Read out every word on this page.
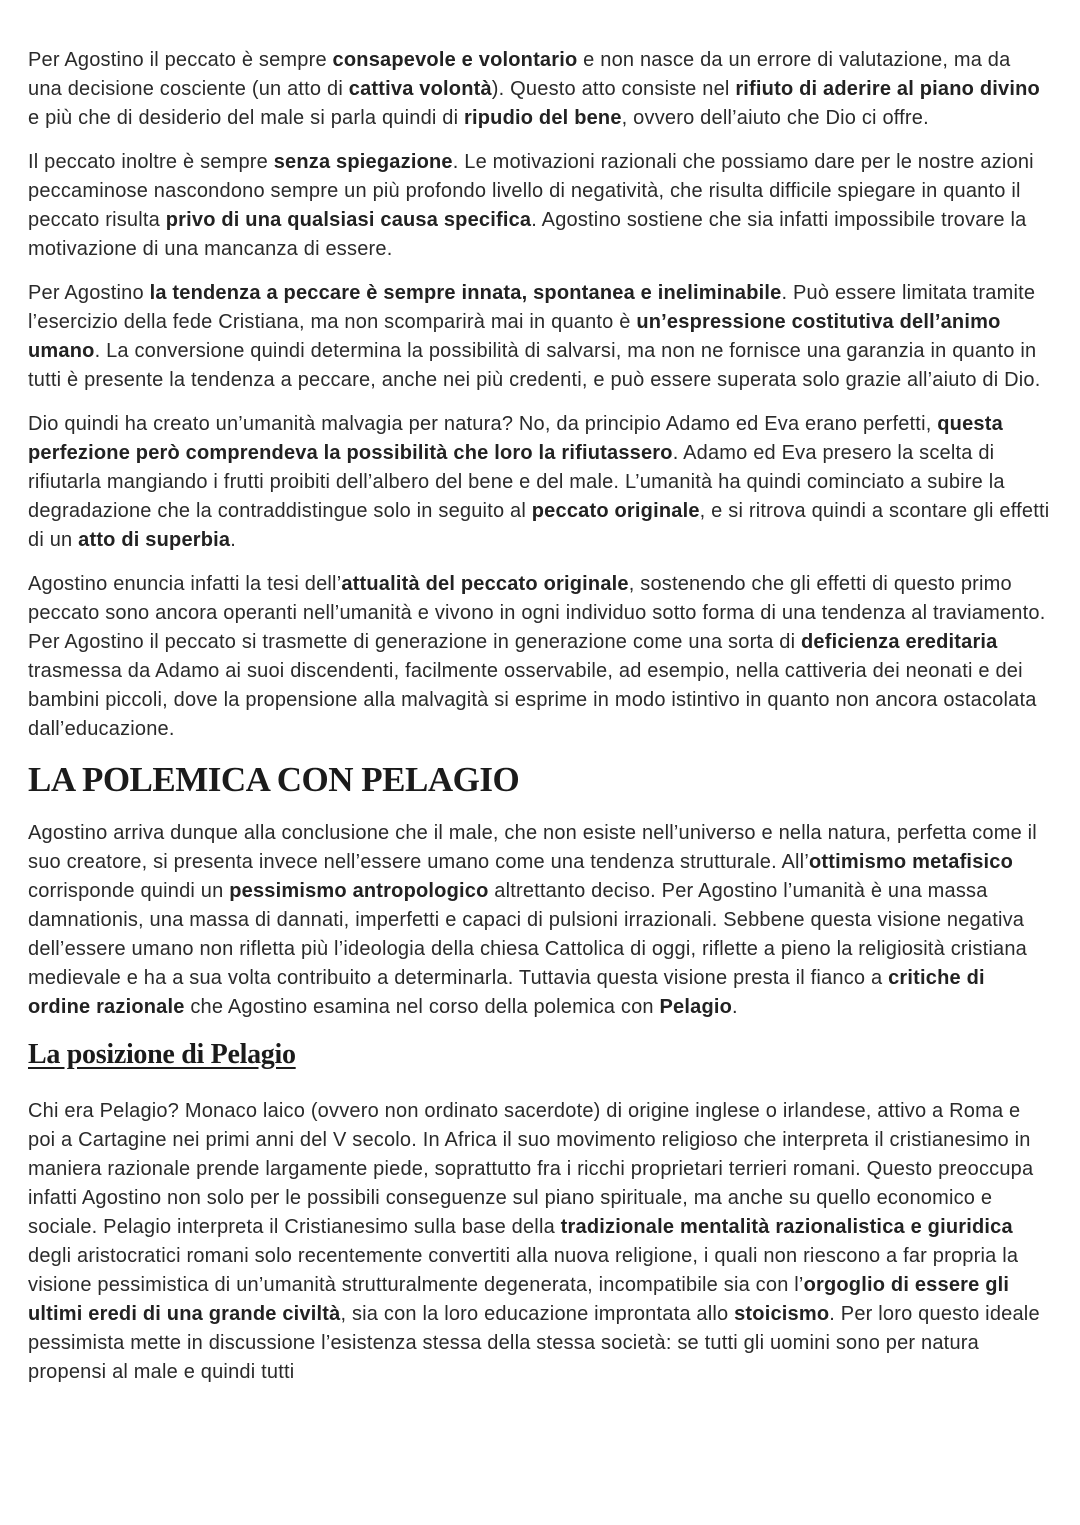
Per Agostino il peccato è sempre consapevole e volontario e non nasce da un errore di valutazione, ma da una decisione cosciente (un atto di cattiva volontà). Questo atto consiste nel rifiuto di aderire al piano divino e più che di desiderio del male si parla quindi di ripudio del bene, ovvero dell’aiuto che Dio ci offre.

Il peccato inoltre è sempre senza spiegazione. Le motivazioni razionali che possiamo dare per le nostre azioni peccaminose nascondono sempre un più profondo livello di negatività, che risulta difficile spiegare in quanto il peccato risulta privo di una qualsiasi causa specifica. Agostino sostiene che sia infatti impossibile trovare la motivazione di una mancanza di essere.

Per Agostino la tendenza a peccare è sempre innata, spontanea e ineliminabile. Può essere limitata tramite l’esercizio della fede Cristiana, ma non scomparirà mai in quanto è un’espressione costitutiva dell’animo umano. La conversione quindi determina la possibilità di salvarsi, ma non ne fornisce una garanzia in quanto in tutti è presente la tendenza a peccare, anche nei più credenti, e può essere superata solo grazie all’aiuto di Dio.

Dio quindi ha creato un’umanità malvagia per natura? No, da principio Adamo ed Eva erano perfetti, questa perfezione però comprendeva la possibilità che loro la rifiutassero. Adamo ed Eva presero la scelta di rifiutarla mangiando i frutti proibiti dell’albero del bene e del male. L’umanità ha quindi cominciato a subire la degradazione che la contraddistingue solo in seguito al peccato originale, e si ritrova quindi a scontare gli effetti di un atto di superbia.

Agostino enuncia infatti la tesi dell’attualità del peccato originale, sostenendo che gli effetti di questo primo peccato sono ancora operanti nell’umanità e vivono in ogni individuo sotto forma di una tendenza al traviamento. Per Agostino il peccato si trasmette di generazione in generazione come una sorta di deficienza ereditaria trasmessa da Adamo ai suoi discendenti, facilmente osservabile, ad esempio, nella cattiveria dei neonati e dei bambini piccoli, dove la propensione alla malvagità si esprime in modo istintivo in quanto non ancora ostacolata dall’educazione.

LA POLEMICA CON PELAGIO

Agostino arriva dunque alla conclusione che il male, che non esiste nell’universo e nella natura, perfetta come il suo creatore, si presenta invece nell’essere umano come una tendenza strutturale. All’ottimismo metafisico corrisponde quindi un pessimismo antropologico altrettanto deciso. Per Agostino l’umanità è una massa damnationis, una massa di dannati, imperfetti e capaci di pulsioni irrazionali. Sebbene questa visione negativa dell’essere umano non rifletta più l’ideologia della chiesa Cattolica di oggi, riflette a pieno la religiosità cristiana medievale e ha a sua volta contribuito a determinarla. Tuttavia questa visione presta il fianco a critiche di ordine razionale che Agostino esamina nel corso della polemica con Pelagio.

La posizione di Pelagio

Chi era Pelagio? Monaco laico (ovvero non ordinato sacerdote) di origine inglese o irlandese, attivo a Roma e poi a Cartagine nei primi anni del V secolo. In Africa il suo movimento religioso che interpreta il cristianesimo in maniera razionale prende largamente piede, soprattutto fra i ricchi proprietari terrieri romani. Questo preoccupa infatti Agostino non solo per le possibili conseguenze sul piano spirituale, ma anche su quello economico e sociale. Pelagio interpreta il Cristianesimo sulla base della tradizionale mentalità razionalistica e giuridica degli aristocratici romani solo recentemente convertiti alla nuova religione, i quali non riescono a far propria la visione pessimistica di un’umanità strutturalmente degenerata, incompatibile sia con l’orgoglio di essere gli ultimi eredi di una grande civiltà, sia con la loro educazione improntata allo stoicismo. Per loro questo ideale pessimista mette in discussione l’esistenza stessa della stessa società: se tutti gli uomini sono per natura propensi al male e quindi tutti
